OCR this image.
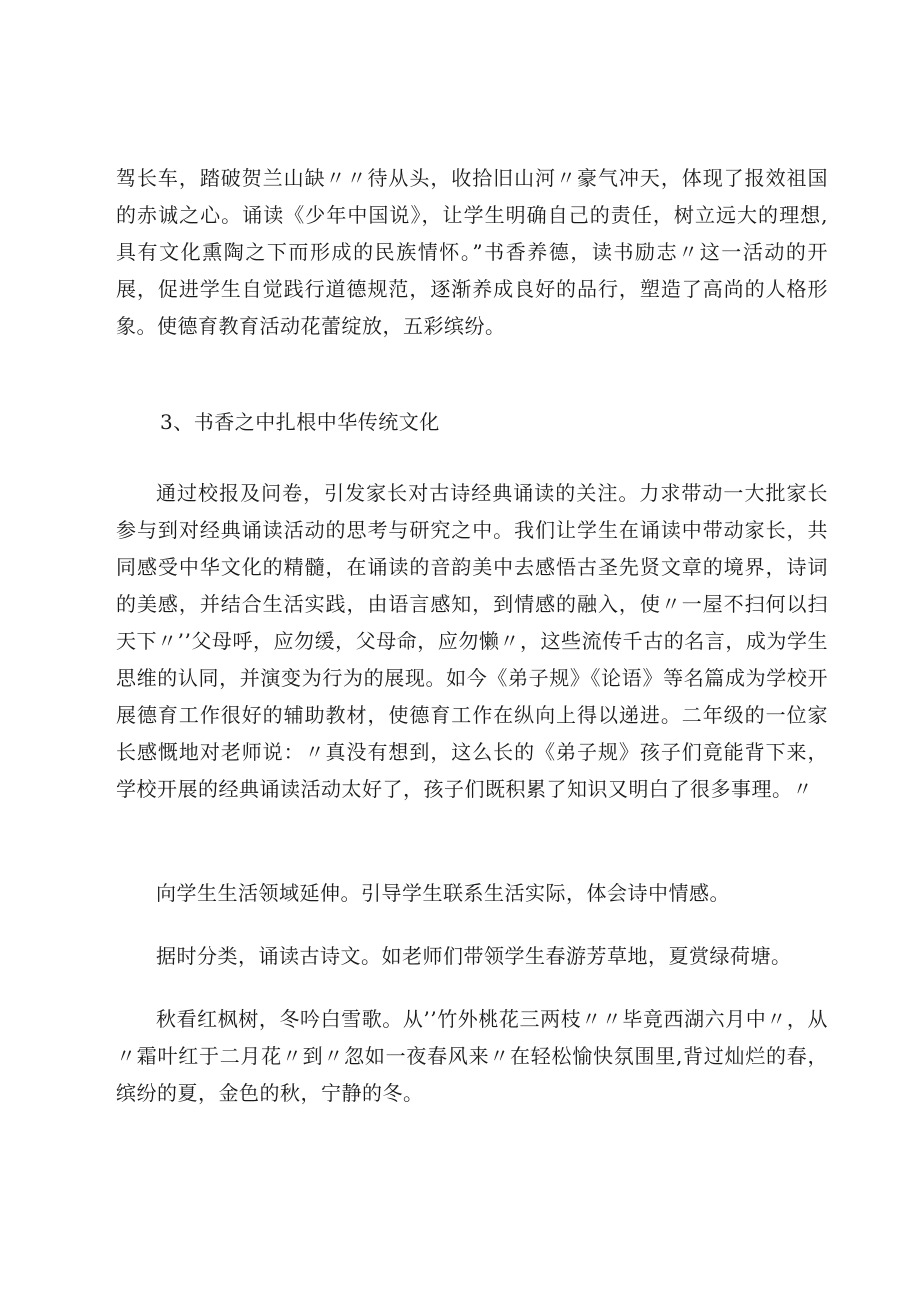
驾长车，踏破贺兰山缺〃〃待从头，收拾旧山河〃豪气冲天，体现了报效祖国的赤诚之心。诵读《少年中国说》，让学生明确自己的责任，树立远大的理想,具有文化熏陶之下而形成的民族情怀。”书香养德，读书励志〃这一活动的开展，促进学生自觉践行道德规范，逐渐养成良好的品行，塑造了高尚的人格形象。使德育教育活动花蕾绽放，五彩缤纷。

3、书香之中扎根中华传统文化

通过校报及问卷，引发家长对古诗经典诵读的关注。力求带动一大批家长参与到对经典诵读活动的思考与研究之中。我们让学生在诵读中带动家长，共同感受中华文化的精髓，在诵读的音韵美中去感悟古圣先贤文章的境界，诗词的美感，并结合生活实践，由语言感知，到情感的融入，使〃一屋不扫何以扫天下〃’’父母呼，应勿缓，父母命，应勿懒〃，这些流传千古的名言，成为学生思维的认同，并演变为行为的展现。如今《弟子规》《论语》等名篇成为学校开展德育工作很好的辅助教材，使德育工作在纵向上得以递进。二年级的一位家长感慨地对老师说：〃真没有想到，这么长的《弟子规》孩子们竟能背下来，学校开展的经典诵读活动太好了，孩子们既积累了知识又明白了很多事理。〃

向学生生活领域延伸。引导学生联系生活实际，体会诗中情感。

据时分类，诵读古诗文。如老师们带领学生春游芳草地，夏赏绿荷塘。

秋看红枫树，冬吟白雪歌。从’’竹外桃花三两枝〃〃毕竟西湖六月中〃，从〃霜叶红于二月花〃到〃忽如一夜春风来〃在轻松愉快氛围里,背过灿烂的春，缤纷的夏，金色的秋，宁静的冬。
